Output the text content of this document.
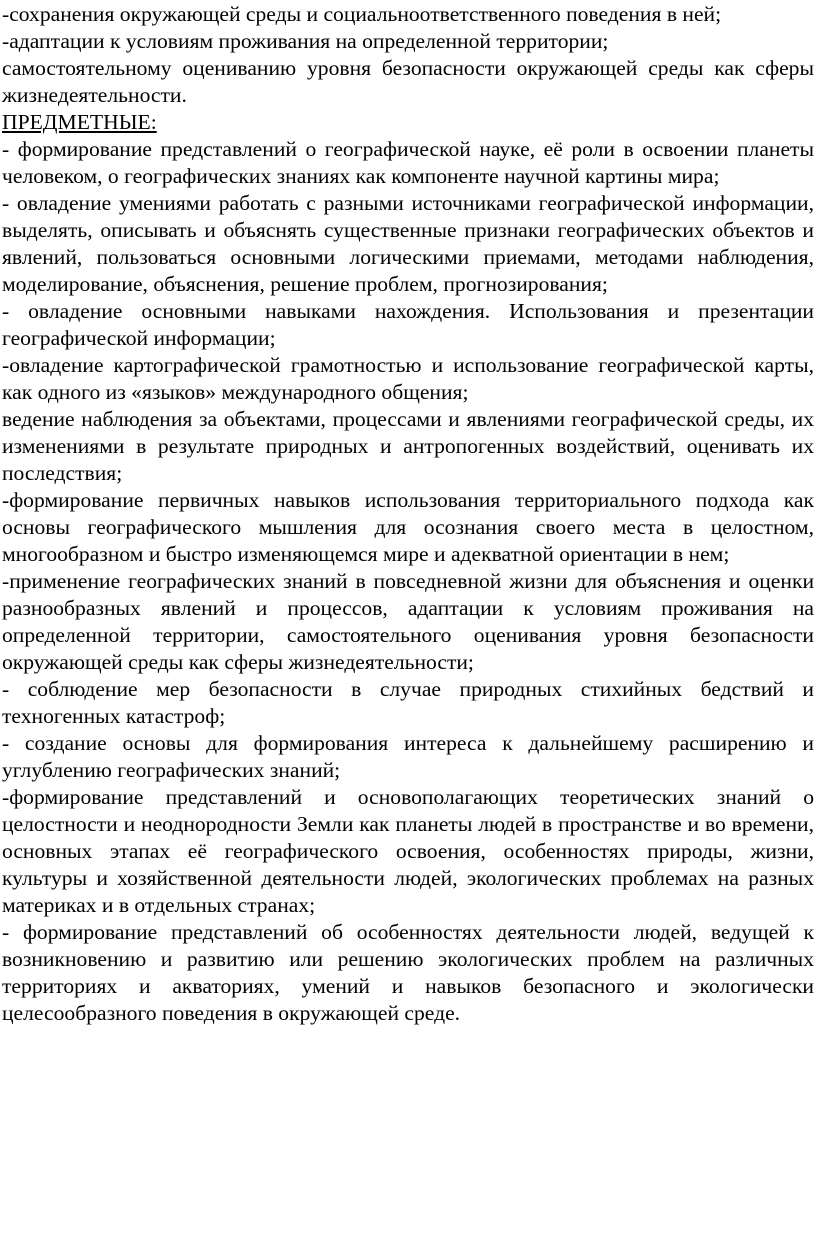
-сохранения окружающей среды и социальноответственного поведения в ней;

-адаптации к условиям проживания на определенной территории;

самостоятельному оцениванию уровня безопасности окружающей среды как сферы жизнедеятельности.

ПРЕДМЕТНЫЕ:

- формирование представлений о географической науке, её роли в освоении планеты человеком, о географических знаниях как компоненте научной картины мира;

- овладение умениями работать с разными источниками географической информации, выделять, описывать и объяснять существенные признаки географических объектов и явлений, пользоваться основными логическими приемами, методами наблюдения, моделирование, объяснения, решение проблем, прогнозирования;

- овладение основными навыками нахождения. Использования и презентации географической информации;

-овладение картографической грамотностью и использование географической карты, как одного из «языков» международного общения;

ведение наблюдения за объектами, процессами и явлениями географической среды, их изменениями в результате природных и антропогенных воздействий, оценивать их последствия;

-формирование первичных навыков использования территориального подхода как основы географического мышления для осознания своего места в целостном, многообразном и быстро изменяющемся мире и адекватной ориентации в нем;

-применение географических знаний в повседневной жизни для объяснения и оценки разнообразных явлений и процессов, адаптации к условиям проживания на определенной территории, самостоятельного оценивания уровня безопасности окружающей среды как сферы жизнедеятельности;

- соблюдение мер безопасности в случае природных стихийных бедствий и техногенных катастроф;

- создание основы для формирования интереса к дальнейшему расширению и углублению географических знаний;

-формирование представлений и основополагающих теоретических знаний о целостности и неоднородности Земли как планеты людей в пространстве и во времени, основных этапах её географического освоения, особенностях природы, жизни, культуры и хозяйственной деятельности людей, экологических проблемах на разных материках и в отдельных странах;

- формирование представлений об особенностях деятельности людей, ведущей к возникновению и развитию или решению экологических проблем на различных территориях и акваториях, умений и навыков безопасного и экологически целесообразного поведения в окружающей среде.
